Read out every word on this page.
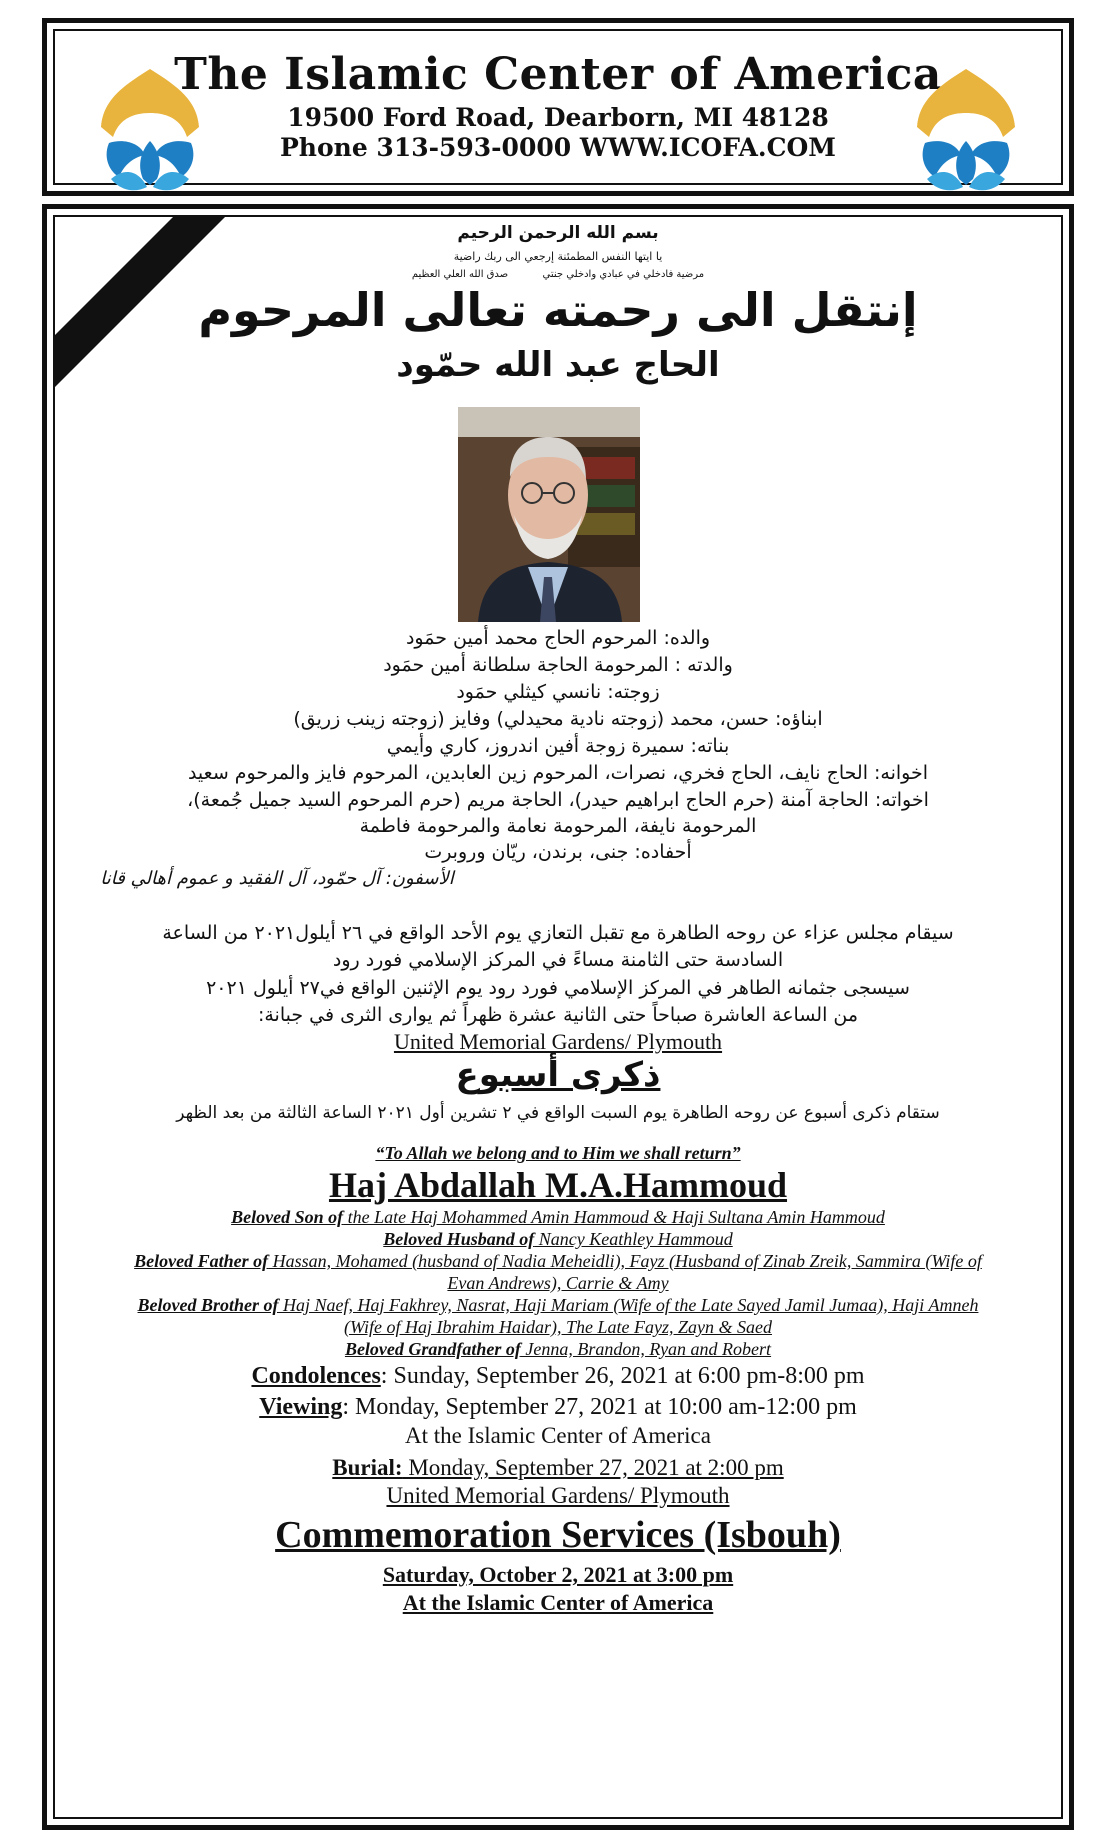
The Islamic Center of America
19500 Ford Road, Dearborn, MI 48128
Phone 313-593-0000 WWW.ICOFA.COM
بسم الله الرحمن الرحيم
يا ايتها النفس المطمئنة إرجعي الى ربك راضية
مرضية فادخلي في عبادي وادخلي جنتي  صدق الله العلي العظيم
إنتقل الى رحمته تعالى المرحوم
الحاج عبد الله حمّود
والده: المرحوم الحاج محمد أمين حمَود
والدته : المرحومة الحاجة سلطانة أمين حمَود
زوجته: نانسي كيثلي حمَود
ابناؤه: حسن، محمد (زوجته نادية محيدلي) وفايز (زوجته زينب زريق)
بناته: سميرة زوجة أفين اندروز، كاري وأيمي
اخوانه: الحاج نايف، الحاج فخري، نصرات، المرحوم زين العابدين، المرحوم فايز والمرحوم سعيد
اخواته: الحاجة آمنة (حرم الحاج ابراهيم حيدر)، الحاجة مريم (حرم المرحوم السيد جميل جُمعة)،
المرحومة نايفة، المرحومة نعامة والمرحومة فاطمة
أحفاده: جنى، برندن، ريّان وروبرت
الأسفون: آل حمّود، آل الفقيد و عموم أهالي قانا
سيقام مجلس عزاء عن روحه الطاهرة مع تقبل التعازي يوم الأحد الواقع في ٢٦ أيلول٢٠٢١ من الساعة
السادسة حتى الثامنة مساءً في المركز الإسلامي فورد رود
سيسجى جثمانه الطاهر في المركز الإسلامي فورد رود يوم الإثنين الواقع في٢٧ أيلول ٢٠٢١
من الساعة العاشرة صباحاً حتى الثانية عشرة ظهراً ثم يوارى الثرى في جبانة:
United Memorial Gardens/ Plymouth
ذكرى أسبوع
ستقام ذكرى أسبوع عن روحه الطاهرة يوم السبت الواقع في ٢ تشرين أول ٢٠٢١ الساعة الثالثة من بعد الظهر
“To Allah we belong and to Him we shall return”
Haj Abdallah M.A.Hammoud
Beloved Son of the Late Haj Mohammed Amin Hammoud & Haji Sultana Amin Hammoud
Beloved Husband of Nancy Keathley Hammoud
Beloved Father of Hassan, Mohamed (husband of Nadia Meheidli), Fayz (Husband of Zinab Zreik, Sammira (Wife of
Evan Andrews), Carrie & Amy
Beloved Brother of Haj Naef, Haj Fakhrey, Nasrat, Haji Mariam (Wife of the Late Sayed Jamil Jumaa), Haji Amneh
(Wife of Haj Ibrahim Haidar), The Late Fayz, Zayn & Saed
Beloved Grandfather of Jenna, Brandon, Ryan and Robert
Condolences: Sunday, September 26, 2021 at 6:00 pm-8:00 pm
Viewing: Monday, September 27, 2021 at 10:00 am-12:00 pm
At the Islamic Center of America
Burial: Monday, September 27, 2021 at 2:00 pm
United Memorial Gardens/ Plymouth
Commemoration Services (Isbouh)
Saturday, October 2, 2021 at 3:00 pm
At the Islamic Center of America
